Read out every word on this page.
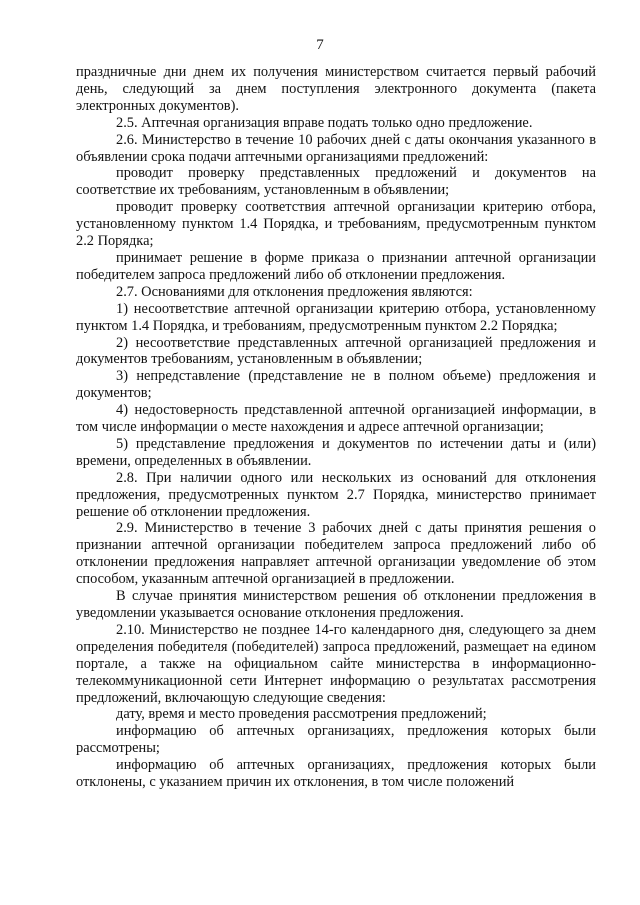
7

праздничные дни днем их получения министерством считается первый рабочий день, следующий за днем поступления электронного документа (пакета электронных документов).

2.5. Аптечная организация вправе подать только одно предложение.

2.6. Министерство в течение 10 рабочих дней с даты окончания указанного в объявлении срока подачи аптечными организациями предложений:

проводит проверку представленных предложений и документов на соответствие их требованиям, установленным в объявлении;

проводит проверку соответствия аптечной организации критерию отбора, установленному пунктом 1.4 Порядка, и требованиям, предусмотренным пунктом 2.2 Порядка;

принимает решение в форме приказа о признании аптечной организации победителем запроса предложений либо об отклонении предложения.

2.7. Основаниями для отклонения предложения являются:

1) несоответствие аптечной организации критерию отбора, установленному пунктом 1.4 Порядка, и требованиям, предусмотренным пунктом 2.2 Порядка;

2) несоответствие представленных аптечной организацией предложения и документов требованиям, установленным в объявлении;

3) непредставление (представление не в полном объеме) предложения и документов;

4) недостоверность представленной аптечной организацией информации, в том числе информации о месте нахождения и адресе аптечной организации;

5) представление предложения и документов по истечении даты и (или) времени, определенных в объявлении.

2.8. При наличии одного или нескольких из оснований для отклонения предложения, предусмотренных пунктом 2.7 Порядка, министерство принимает решение об отклонении предложения.

2.9. Министерство в течение 3 рабочих дней с даты принятия решения о признании аптечной организации победителем запроса предложений либо об отклонении предложения направляет аптечной организации уведомление об этом способом, указанным аптечной организацией в предложении.

В случае принятия министерством решения об отклонении предложения в уведомлении указывается основание отклонения предложения.

2.10. Министерство не позднее 14-го календарного дня, следующего за днем определения победителя (победителей) запроса предложений, размещает на едином портале, а также на официальном сайте министерства в информационно-телекоммуникационной сети Интернет информацию о результатах рассмотрения предложений, включающую следующие сведения:

дату, время и место проведения рассмотрения предложений;

информацию об аптечных организациях, предложения которых были рассмотрены;

информацию об аптечных организациях, предложения которых были отклонены, с указанием причин их отклонения, в том числе положений
